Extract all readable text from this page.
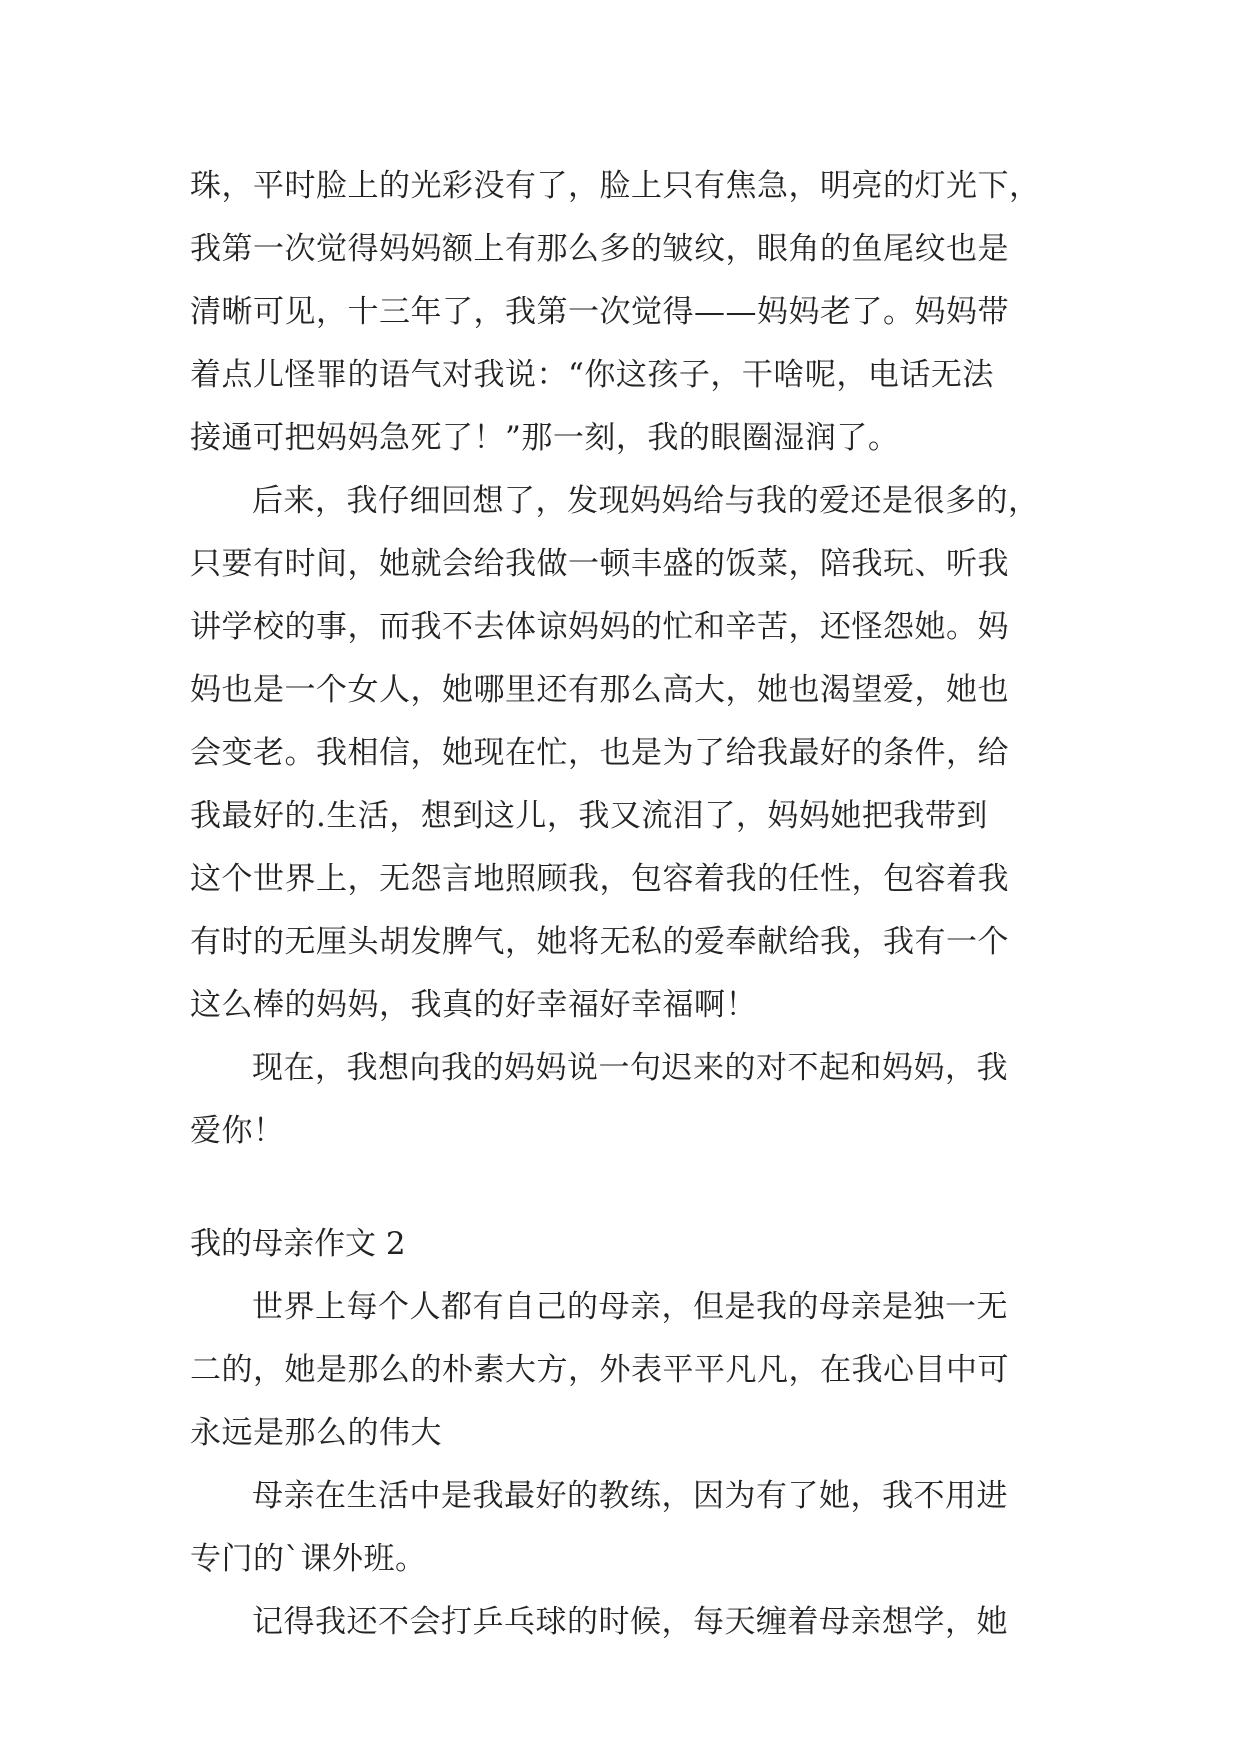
珠，平时脸上的光彩没有了，脸上只有焦急，明亮的灯光下，
我第一次觉得妈妈额上有那么多的皱纹，眼角的鱼尾纹也是
清晰可见，十三年了，我第一次觉得——妈妈老了。妈妈带
着点儿怪罪的语气对我说：“你这孩子，干啥呢，电话无法
接通可把妈妈急死了！”那一刻，我的眼圈湿润了。
后来，我仔细回想了，发现妈妈给与我的爱还是很多的，
只要有时间，她就会给我做一顿丰盛的饭菜，陪我玩、听我
讲学校的事，而我不去体谅妈妈的忙和辛苦，还怪怨她。妈
妈也是一个女人，她哪里还有那么高大，她也渴望爱，她也
会变老。我相信，她现在忙，也是为了给我最好的条件，给
我最好的.生活，想到这儿，我又流泪了，妈妈她把我带到
这个世界上，无怨言地照顾我，包容着我的任性，包容着我
有时的无厘头胡发脾气，她将无私的爱奉献给我，我有一个
这么棒的妈妈，我真的好幸福好幸福啊！
现在，我想向我的妈妈说一句迟来的对不起和妈妈，我
爱你！
我的母亲作文 2
世界上每个人都有自己的母亲，但是我的母亲是独一无
二的，她是那么的朴素大方，外表平平凡凡，在我心目中可
永远是那么的伟大
母亲在生活中是我最好的教练，因为有了她，我不用进
专门的`课外班。
记得我还不会打乒乓球的时候，每天缠着母亲想学，她
